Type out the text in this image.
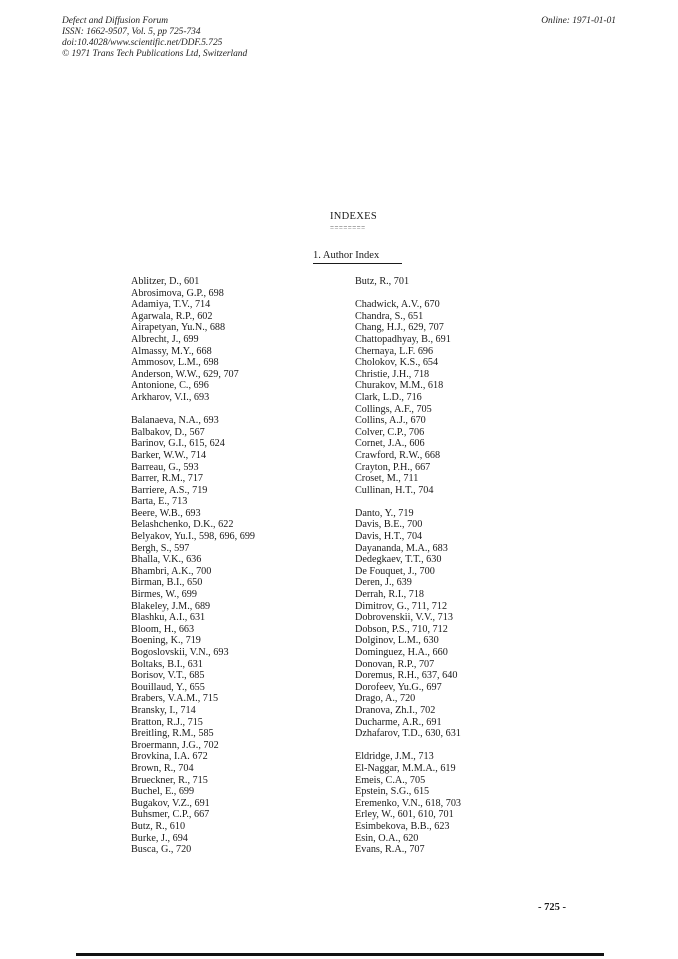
Defect and Diffusion Forum
ISSN: 1662-9507, Vol. 5, pp 725-734
doi:10.4028/www.scientific.net/DDF.5.725
© 1971 Trans Tech Publications Ltd, Switzerland
Online: 1971-01-01
INDEXES
========
1. Author Index
Ablitzer, D., 601
Abrosimova, G.P., 698
Adamiya, T.V., 714
Agarwala, R.P., 602
Airapetyan, Yu.N., 688
Albrecht, J., 699
Almassy, M.Y., 668
Ammosov, L.M., 698
Anderson, W.W., 629, 707
Antonione, C., 696
Arkharov, V.I., 693
Balanaeva, N.A., 693
Balbakov, D., 567
Barinov, G.I., 615, 624
Barker, W.W., 714
Barreau, G., 593
Barrer, R.M., 717
Barriere, A.S., 719
Barta, E., 713
Beere, W.B., 693
Belashchenko, D.K., 622
Belyakov, Yu.I., 598, 696, 699
Bergh, S., 597
Bhalla, V.K., 636
Bhambri, A.K., 700
Birman, B.I., 650
Birmes, W., 699
Blakeley, J.M., 689
Blashku, A.I., 631
Bloom, H., 663
Boening, K., 719
Bogoslovskii, V.N., 693
Boltaks, B.I., 631
Borisov, V.T., 685
Bouillaud, Y., 655
Brabers, V.A.M., 715
Bransky, I., 714
Bratton, R.J., 715
Breitling, R.M., 585
Broermann, J.G., 702
Brovkina, I.A. 672
Brown, R., 704
Brueckner, R., 715
Buchel, E., 699
Bugakov, V.Z., 691
Buhsmer, C.P., 667
Butz, R., 610
Burke, J., 694
Busca, G., 720
Butz, R., 701
Chadwick, A.V., 670
Chandra, S., 651
Chang, H.J., 629, 707
Chattopadhyay, B., 691
Chernaya, L.F. 696
Cholokov, K.S., 654
Christie, J.H., 718
Churakov, M.M., 618
Clark, L.D., 716
Collings, A.F., 705
Collins, A.J., 670
Colver, C.P., 706
Cornet, J.A., 606
Crawford, R.W., 668
Crayton, P.H., 667
Croset, M., 711
Cullinan, H.T., 704
Danto, Y., 719
Davis, B.E., 700
Davis, H.T., 704
Dayananda, M.A., 683
Dedegkaev, T.T., 630
De Fouquet, J., 700
Deren, J., 639
Derrah, R.I., 718
Dimitrov, G., 711, 712
Dobrovenskii, V.V., 713
Dobson, P.S., 710, 712
Dolginov, L.M., 630
Dominguez, H.A., 660
Donovan, R.P., 707
Doremus, R.H., 637, 640
Dorofeev, Yu.G., 697
Drago, A., 720
Dranova, Zh.I., 702
Ducharme, A.R., 691
Dzhafarov, T.D., 630, 631
Eldridge, J.M., 713
El-Naggar, M.M.A., 619
Emeis, C.A., 705
Epstein, S.G., 615
Eremenko, V.N., 618, 703
Erley, W., 601, 610, 701
Esimbekova, B.B., 623
Esin, O.A., 620
Evans, R.A., 707
- 725 -
